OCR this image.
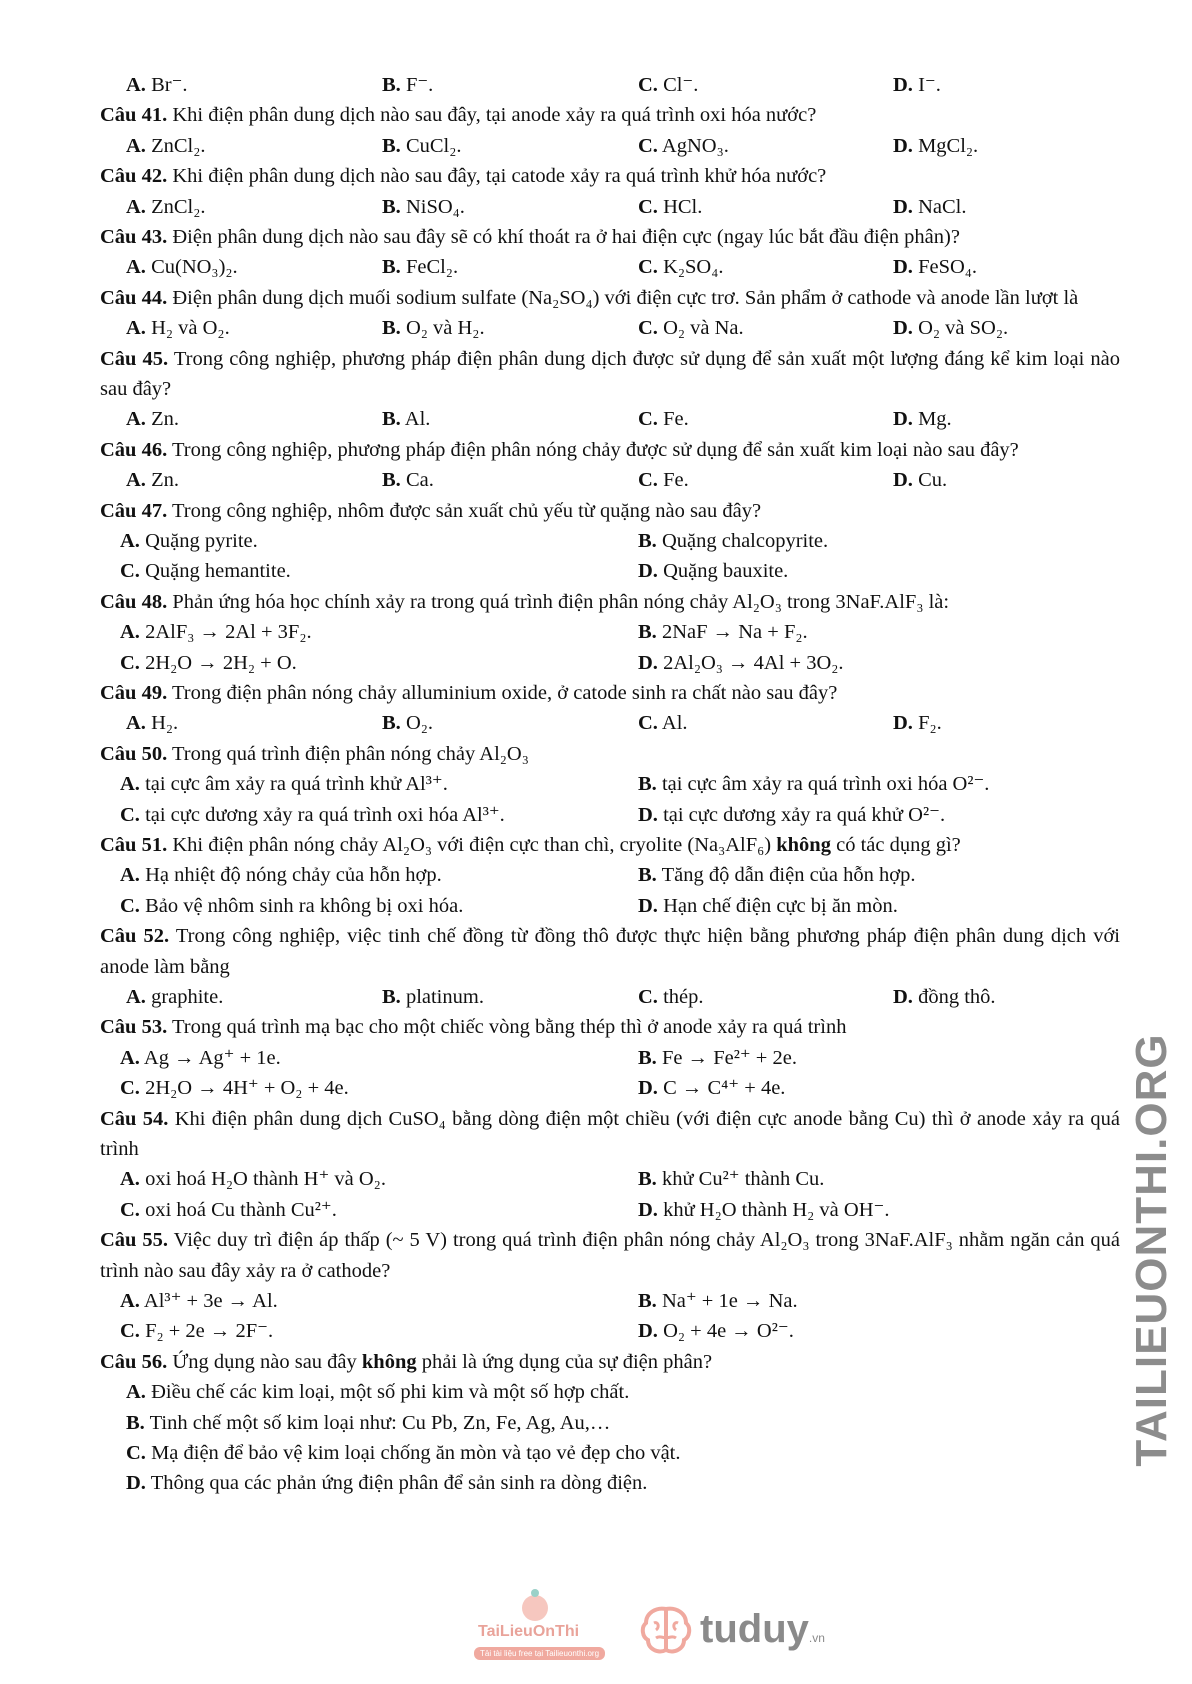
A. Br⁻.	B. F⁻.	C. Cl⁻.	D. I⁻.
Câu 41. Khi điện phân dung dịch nào sau đây, tại anode xảy ra quá trình oxi hóa nước?
A. ZnCl₂.	B. CuCl₂.	C. AgNO₃.	D. MgCl₂.
Câu 42. Khi điện phân dung dịch nào sau đây, tại catode xảy ra quá trình khử hóa nước?
A. ZnCl₂.	B. NiSO₄.	C. HCl.	D. NaCl.
Câu 43. Điện phân dung dịch nào sau đây sẽ có khí thoát ra ở hai điện cực (ngay lúc bắt đầu điện phân)?
A. Cu(NO₃)₂.	B. FeCl₂.	C. K₂SO₄.	D. FeSO₄.
Câu 44. Điện phân dung dịch muối sodium sulfate (Na₂SO₄) với điện cực trơ. Sản phẩm ở cathode và anode lần lượt là
A. H₂ và O₂.	B. O₂ và H₂.	C. O₂ và Na.	D. O₂ và SO₂.
Câu 45. Trong công nghiệp, phương pháp điện phân dung dịch được sử dụng để sản xuất một lượng đáng kể kim loại nào sau đây?
A. Zn.	B. Al.	C. Fe.	D. Mg.
Câu 46. Trong công nghiệp, phương pháp điện phân nóng chảy được sử dụng để sản xuất kim loại nào sau đây?
A. Zn.	B. Ca.	C. Fe.	D. Cu.
Câu 47. Trong công nghiệp, nhôm được sản xuất chủ yếu từ quặng nào sau đây?
A. Quặng pyrite.	B. Quặng chalcopyrite.
C. Quặng hemantite.	D. Quặng bauxite.
Câu 48. Phản ứng hóa học chính xảy ra trong quá trình điện phân nóng chảy Al₂O₃ trong 3NaF.AlF₃ là:
A. 2AlF₃ → 2Al + 3F₂.	B. 2NaF → Na + F₂.
C. 2H₂O → 2H₂ + O.	D. 2Al₂O₃ → 4Al + 3O₂.
Câu 49. Trong điện phân nóng chảy alluminium oxide, ở catode sinh ra chất nào sau đây?
A. H₂.	B. O₂.	C. Al.	D. F₂.
Câu 50. Trong quá trình điện phân nóng chảy Al₂O₃
A. tại cực âm xảy ra quá trình khử Al³⁺.	B. tại cực âm xảy ra quá trình oxi hóa O²⁻.
C. tại cực dương xảy ra quá trình oxi hóa Al³⁺.	D. tại cực dương xảy ra quá khử O²⁻.
Câu 51. Khi điện phân nóng chảy Al₂O₃ với điện cực than chì, cryolite (Na₃AlF₆) không có tác dụng gì?
A. Hạ nhiệt độ nóng chảy của hỗn hợp.	B. Tăng độ dẫn điện của hỗn hợp.
C. Bảo vệ nhôm sinh ra không bị oxi hóa.	D. Hạn chế điện cực bị ăn mòn.
Câu 52. Trong công nghiệp, việc tinh chế đồng từ đồng thô được thực hiện bằng phương pháp điện phân dung dịch với anode làm bằng
A. graphite.	B. platinum.	C. thép.	D. đồng thô.
Câu 53. Trong quá trình mạ bạc cho một chiếc vòng bằng thép thì ở anode xảy ra quá trình
A. Ag → Ag⁺ + 1e.	B. Fe → Fe²⁺ + 2e.
C. 2H₂O → 4H⁺ + O₂ + 4e.	D. C → C⁴⁺ + 4e.
Câu 54. Khi điện phân dung dịch CuSO₄ bằng dòng điện một chiều (với điện cực anode bằng Cu) thì ở anode xảy ra quá trình
A. oxi hoá H₂O thành H⁺ và O₂.	B. khử Cu²⁺ thành Cu.
C. oxi hoá Cu thành Cu²⁺.	D. khử H₂O thành H₂ và OH⁻.
Câu 55. Việc duy trì điện áp thấp (~ 5 V) trong quá trình điện phân nóng chảy Al₂O₃ trong 3NaF.AlF₃ nhằm ngăn cản quá trình nào sau đây xảy ra ở cathode?
A. Al³⁺ + 3e → Al.	B. Na⁺ + 1e → Na.
C. F₂ + 2e → 2F⁻.	D. O₂ + 4e → O²⁻.
Câu 56. Ứng dụng nào sau đây không phải là ứng dụng của sự điện phân?
A. Điều chế các kim loại, một số phi kim và một số hợp chất.
B. Tinh chế một số kim loại như: Cu Pb, Zn, Fe, Ag, Au,…
C. Mạ điện để bảo vệ kim loại chống ăn mòn và tạo vẻ đẹp cho vật.
D. Thông qua các phản ứng điện phân để sản sinh ra dòng điện.
TAILIEUONTHI.ORG
TaiLieuOnThi
Tải tài liệu free tại Tailieuonthi.org
tuduy.vn
